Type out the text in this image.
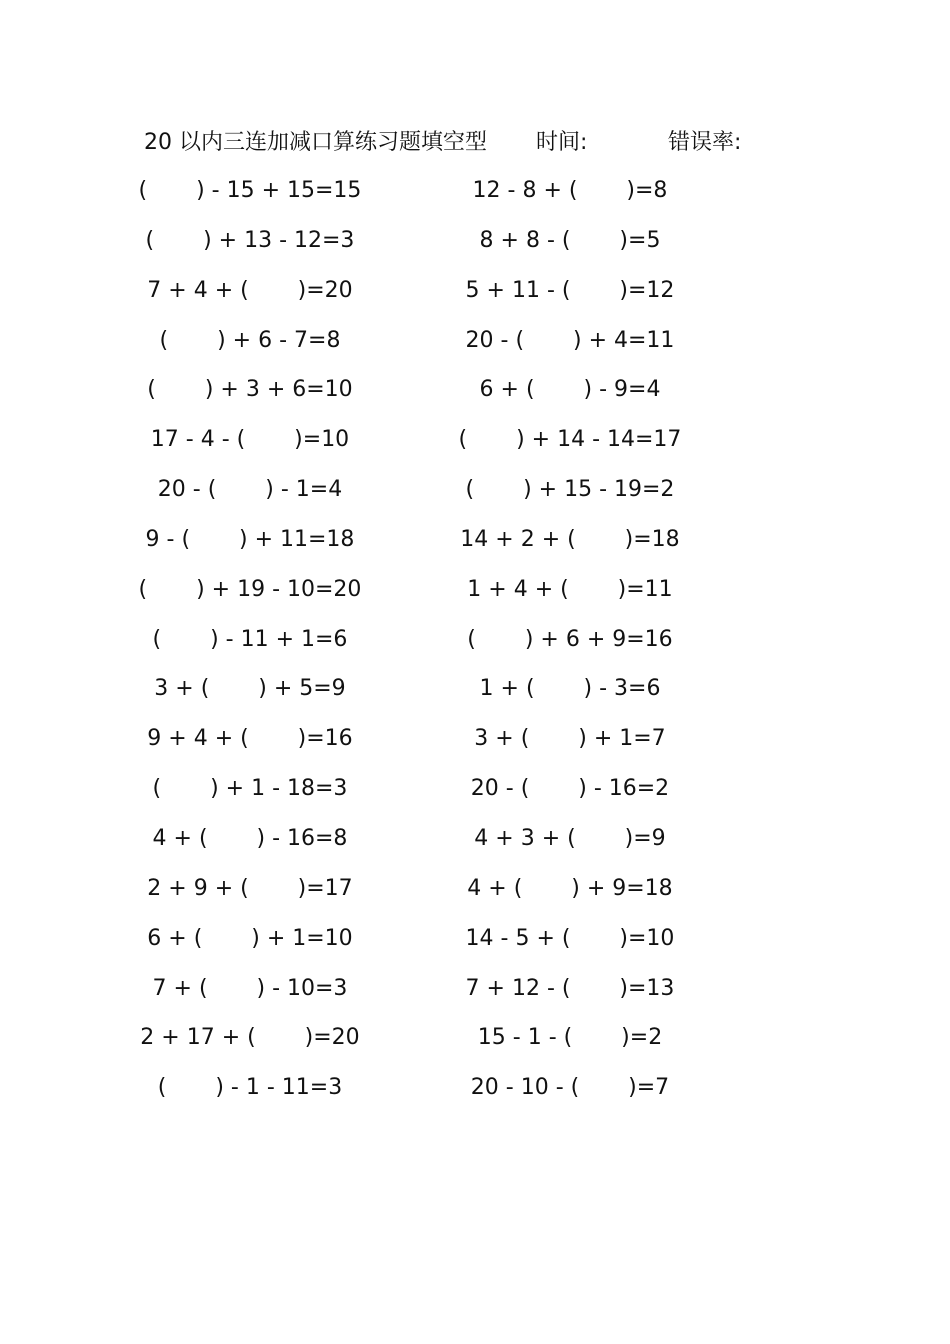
20 以内三连加减口算练习题填空型

时间:

	错误率:

(       ) - 15 + 15=15
(       ) + 13 - 12=3
7 + 4 + (       )=20
(       ) + 6 - 7=8
(       ) + 3 + 6=10
17 - 4 - (       )=10
20 - (       ) - 1=4
9 - (       ) + 11=18
(       ) + 19 - 10=20
(       ) - 11 + 1=6
3 + (       ) + 5=9
9 + 4 + (       )=16
(       ) + 1 - 18=3
4 + (       ) - 16=8
2 + 9 + (       )=17
6 + (       ) + 1=10
7 + (       ) - 10=3
2 + 17 + (       )=20
(       ) - 1 - 11=3
12 - 8 + (       )=8
8 + 8 - (       )=5
5 + 11 - (       )=12
20 - (       ) + 4=11
6 + (       ) - 9=4
(       ) + 14 - 14=17
(       ) + 15 - 19=2
14 + 2 + (       )=18
1 + 4 + (       )=11
(       ) + 6 + 9=16
1 + (       ) - 3=6
3 + (       ) + 1=7
20 - (       ) - 16=2
4 + 3 + (       )=9
4 + (       ) + 9=18
14 - 5 + (       )=10
7 + 12 - (       )=13
15 - 1 - (       )=2
20 - 10 - (       )=7
